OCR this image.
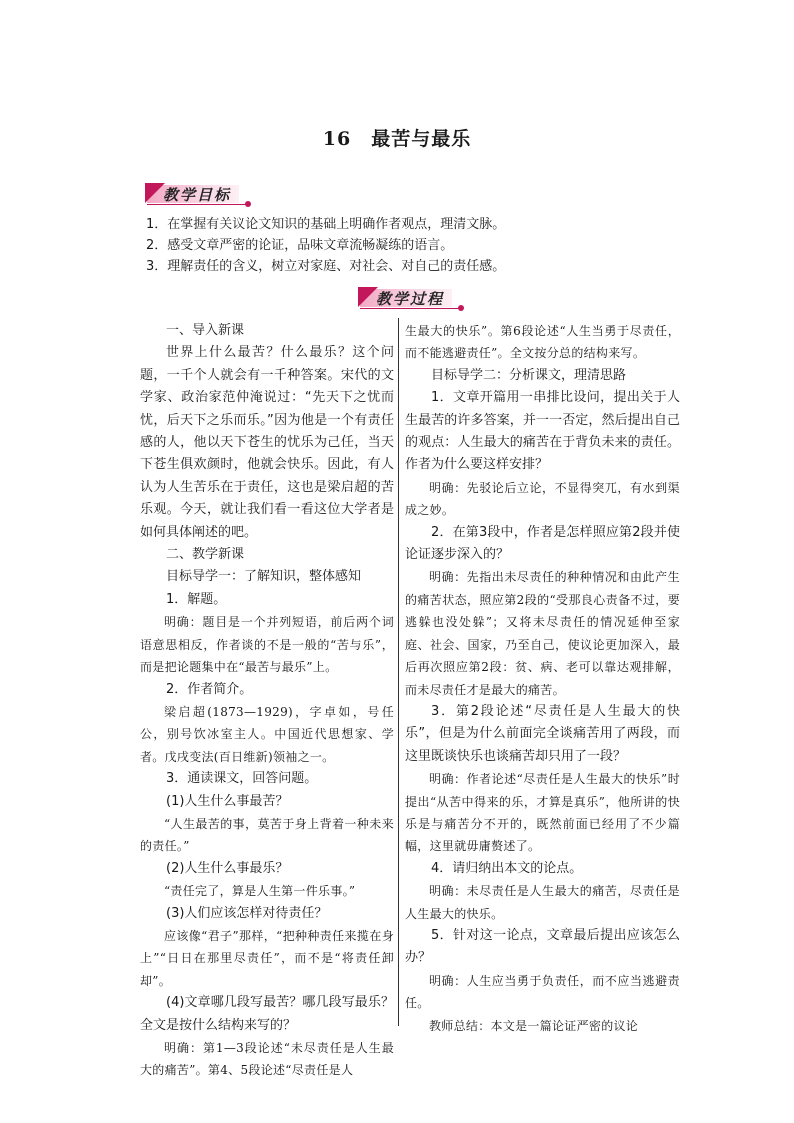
16　最苦与最乐
教学目标
1．在掌握有关议论文知识的基础上明确作者观点，理清文脉。
2．感受文章严密的论证，品味文章流畅凝练的语言。
3．理解责任的含义，树立对家庭、对社会、对自己的责任感。
教学过程

一、导入新课

世界上什么最苦？什么最乐？这个问题，一千个人就会有一千种答案。宋代的文学家、政治家范仲淹说过：“先天下之忧而忧，后天下之乐而乐。”因为他是一个有责任感的人，他以天下苍生的忧乐为己任，当天下苍生俱欢颜时，他就会快乐。因此，有人认为人生苦乐在于责任，这也是梁启超的苦乐观。今天，就让我们看一看这位大学者是如何具体阐述的吧。

二、教学新课

目标导学一：了解知识，整体感知

1．解题。

明确：题目是一个并列短语，前后两个词语意思相反，作者谈的不是一般的“苦与乐”，而是把论题集中在“最苦与最乐”上。

2．作者简介。

梁启超(1873—1929)，字卓如，号任公，别号饮冰室主人。中国近代思想家、学者。戊戌变法(百日维新)领袖之一。

3．通读课文，回答问题。

(1)人生什么事最苦？

“人生最苦的事，莫苦于身上背着一种未来的责任。”

(2)人生什么事最乐？

“责任完了，算是人生第一件乐事。”

(3)人们应该怎样对待责任？

应该像“君子”那样，“把种种责任来揽在身上”“日日在那里尽责任”，而不是“将责任卸却”。

(4)文章哪几段写最苦？哪几段写最乐？全文是按什么结构来写的？

明确：第1—3段论述“未尽责任是人生最大的痛苦”。第4、5段论述“尽责任是人

生最大的快乐”。第6段论述“人生当勇于尽责任，而不能逃避责任”。全文按分总的结构来写。

目标导学二：分析课文，理清思路

1．文章开篇用一串排比设问，提出关于人生最苦的许多答案，并一一否定，然后提出自己的观点：人生最大的痛苦在于背负未来的责任。作者为什么要这样安排？

明确：先驳论后立论，不显得突兀，有水到渠成之妙。

2．在第3段中，作者是怎样照应第2段并使论证逐步深入的？

明确：先指出未尽责任的种种情况和由此产生的痛苦状态，照应第2段的“受那良心责备不过，要逃躲也没处躲”；又将未尽责任的情况延伸至家庭、社会、国家，乃至自己，使议论更加深入，最后再次照应第2段：贫、病、老可以靠达观排解，而未尽责任才是最大的痛苦。

3．第2段论述“尽责任是人生最大的快乐”，但是为什么前面完全谈痛苦用了两段，而这里既谈快乐也谈痛苦却只用了一段？

明确：作者论述“尽责任是人生最大的快乐”时提出“从苦中得来的乐，才算是真乐”，他所讲的快乐是与痛苦分不开的，既然前面已经用了不少篇幅，这里就毋庸赘述了。

4．请归纳出本文的论点。

明确：未尽责任是人生最大的痛苦，尽责任是人生最大的快乐。

5．针对这一论点，文章最后提出应该怎么办？

明确：人生应当勇于负责任，而不应当逃避责任。

教师总结：本文是一篇论证严密的议论
